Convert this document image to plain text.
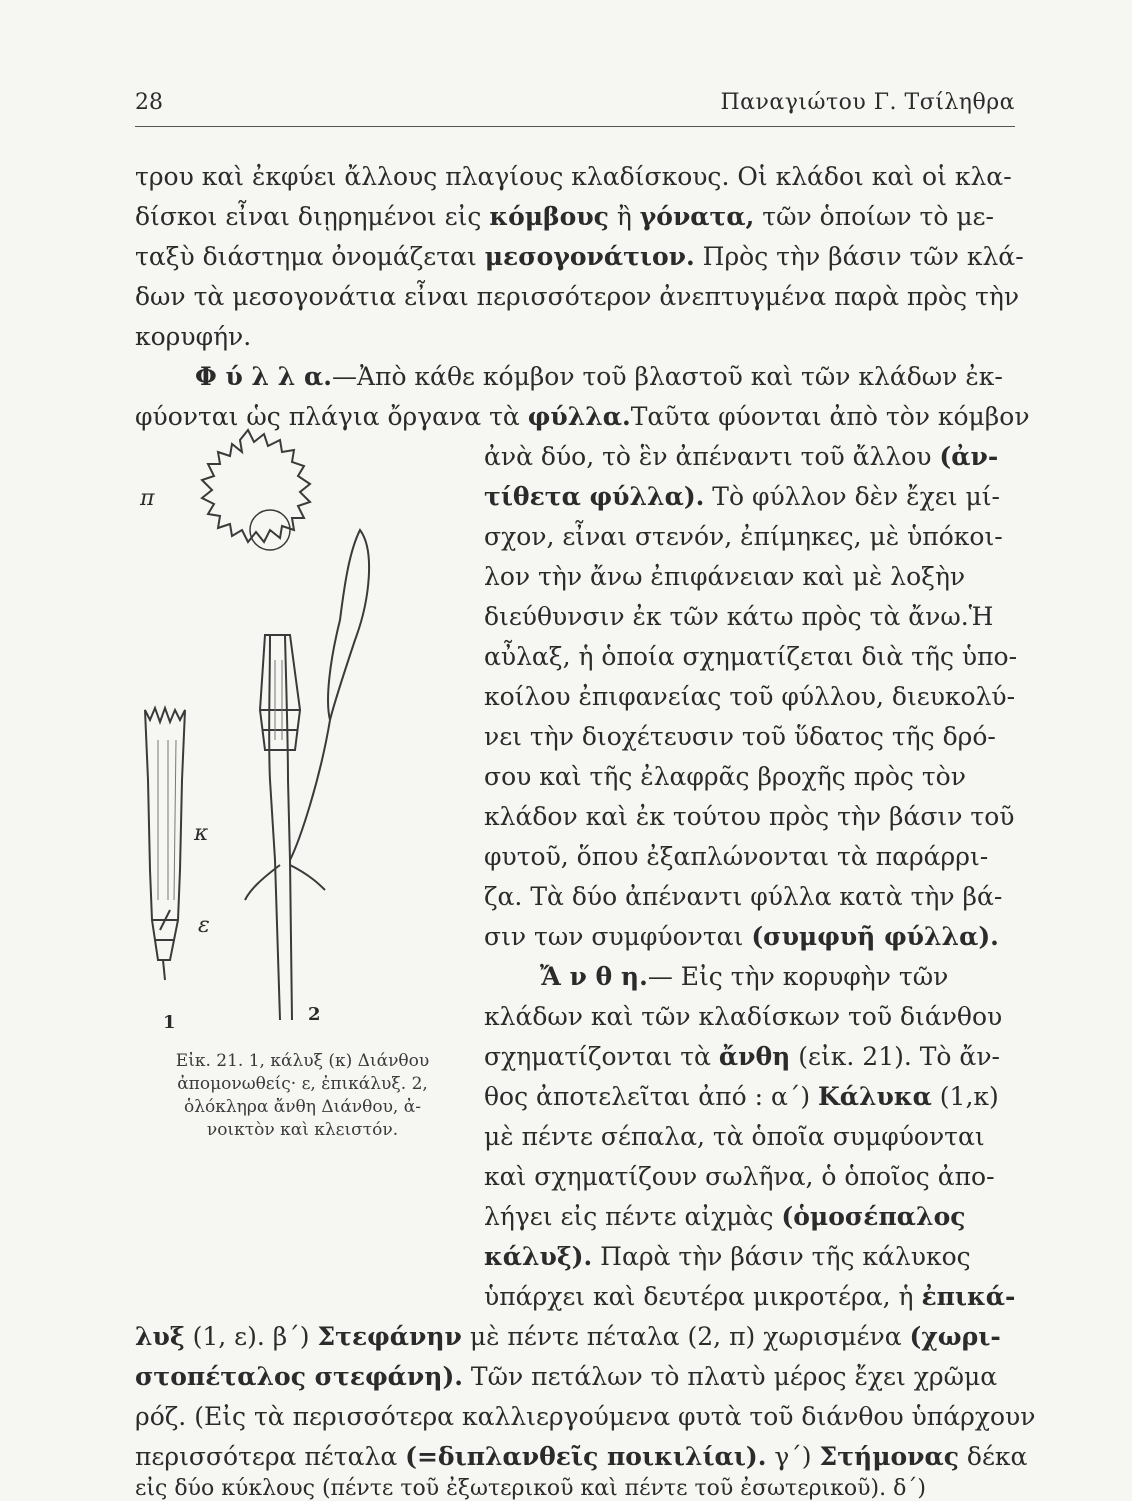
28	Παναγιώτου Γ. Τσίληθρα
τρου καὶ ἐκφύει ἄλλους πλαγίους κλαδίσκους. Οἱ κλάδοι καὶ οἱ κλα-
δίσκοι εἶναι διῃρημένοι εἰς κόμβους ἢ γόνατα, τῶν ὁποίων τὸ με-
ταξὺ διάστημα ὀνομάζεται μεσογονάτιον. Πρὸς τὴν βάσιν τῶν κλά-
δων τὰ μεσογονάτια εἶναι περισσότερον ἀνεπτυγμένα παρὰ πρὸς τὴν
κορυφήν.
Φ ύ λ λ α.—Ἀπὸ κάθε κόμβον τοῦ βλαστοῦ καὶ τῶν κλάδων ἐκ-
φύονται ὡς πλάγια ὄργανα τὰ φύλλα.Ταῦτα φύονται ἀπὸ τὸν κόμβον
ἀνὰ δύο, τὸ ἓν ἀπέναντι τοῦ ἄλλου (ἀν-
τίθετα φύλλα). Τὸ φύλλον δὲν ἔχει μί-
σχον, εἶναι στενόν, ἐπίμηκες, μὲ ὑπόκοι-
λον τὴν ἄνω ἐπιφάνειαν καὶ μὲ λοξὴν
διεύθυνσιν ἐκ τῶν κάτω πρὸς τὰ ἄνω.Ἡ
αὖλαξ, ἡ ὁποία σχηματίζεται διὰ τῆς ὑπο-
κοίλου ἐπιφανείας τοῦ φύλλου, διευκολύ-
νει τὴν διοχέτευσιν τοῦ ὕδατος τῆς δρό-
σου καὶ τῆς ἐλαφρᾶς βροχῆς πρὸς τὸν
κλάδον καὶ ἐκ τούτου πρὸς τὴν βάσιν τοῦ
φυτοῦ, ὅπου ἐξαπλώνονται τὰ παράρρι-
ζα. Τὰ δύο ἀπέναντι φύλλα κατὰ τὴν βά-
σιν των συμφύονται (συμφυῆ φύλλα).
Ἄ ν θ η.— Εἰς τὴν κορυφὴν τῶν
κλάδων καὶ τῶν κλαδίσκων τοῦ διάνθου
σχηματίζονται τὰ ἄνθη (εἰκ. 21). Τὸ ἄν-
θος ἀποτελεῖται ἀπό : α΄) Κάλυκα (1,κ)
μὲ πέντε σέπαλα, τὰ ὁποῖα συμφύονται
καὶ σχηματίζουν σωλῆνα, ὁ ὁποῖος ἀπο-
λήγει εἰς πέντε αἰχμὰς (ὁμοσέπαλος
κάλυξ). Παρὰ τὴν βάσιν τῆς κάλυκος
ὑπάρχει καὶ δευτέρα μικροτέρα, ἡ ἐπικά-
λυξ (1, ε). β΄) Στεφάνην μὲ πέντε πέταλα (2, π) χωρισμένα (χωρι-
στοπέταλος στεφάνη). Τῶν πετάλων τὸ πλατὺ μέρος ἔχει χρῶμα
ρόζ. (Εἰς τὰ περισσότερα καλλιεργούμενα φυτὰ τοῦ διάνθου ὑπάρχουν
περισσότερα πέταλα (=διπλανθεῖς ποικιλίαι). γ΄) Στήμονας δέκα
εἰς δύο κύκλους (πέντε τοῦ ἐξωτερικοῦ καὶ πέντε τοῦ ἐσωτερικοῦ). δ΄)
π
κ
ε
1	2
Εἰκ. 21. 1, κάλυξ (κ) Διάνθου
ἀπομονωθείς· ε, ἐπικάλυξ. 2,
ὁλόκληρα ἄνθη Διάνθου, ἀ-
νοικτὸν καὶ κλειστόν.
